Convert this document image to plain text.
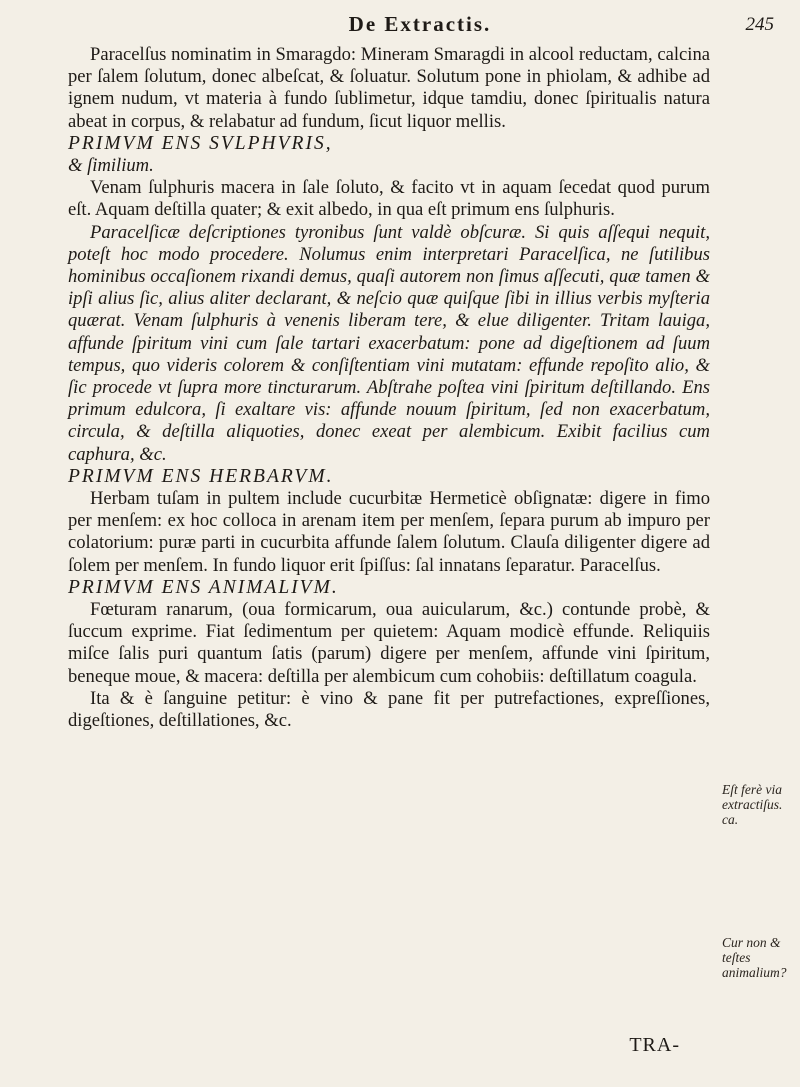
De Extractis.	245

Paracelſus nominatim in Smaragdo: Mineram Smaragdi in alcool reductam, calcina per ſalem ſolutum, donec albeſcat, & ſoluatur. Solutum pone in phiolam, & adhibe ad ignem nudum, vt materia à fundo ſublimetur, idque tamdiu, donec ſpiritualis natura abeat in corpus, & relabatur ad fundum, ſicut liquor mellis.

PRIMVM ENS SVLPHVRIS,

& ſimilium.

Venam ſulphuris macera in ſale ſoluto, & facito vt in aquam ſecedat quod purum eſt. Aquam deſtilla quater; & exit albedo, in qua eſt primum ens ſulphuris.

Paracelſicæ deſcriptiones tyronibus ſunt valdè obſcuræ. Si quis aſſequi nequit, poteſt hoc modo procedere. Nolumus enim interpretari Paracelſica, ne ſutilibus hominibus occaſionem rixandi demus, quaſi autorem non ſimus aſſecuti, quæ tamen & ipſi alius ſic, alius aliter declarant, & neſcio quæ quiſque ſibi in illius verbis myſteria quærat. Venam ſulphuris à venenis liberam tere, & elue diligenter. Tritam lauiga, affunde ſpiritum vini cum ſale tartari exacerbatum: pone ad digeſtionem ad ſuum tempus, quo videris colorem & conſiſtentiam vini mutatam: effunde repoſito alio, & ſic procede vt ſupra more tincturarum. Abſtrahe poſtea vini ſpiritum deſtillando. Ens primum edulcora, ſi exaltare vis: affunde nouum ſpiritum, ſed non exacerbatum, circula, & deſtilla aliquoties, donec exeat per alembicum. Exibit facilius cum caphura, &c.

PRIMVM ENS HERBARVM.

Herbam tuſam in pultem include cucurbitæ Hermeticè obſignatæ: digere in fimo per menſem: ex hoc colloca in arenam item per menſem, ſepara purum ab impuro per colatorium: puræ parti in cucurbita affunde ſalem ſolutum. Clauſa diligenter digere ad ſolem per menſem. In fundo liquor erit ſpiſſus: ſal innatans ſeparatur. Paracelſus.

PRIMVM ENS ANIMALIVM.

Fœturam ranarum, (oua formicarum, oua auicularum, &c.) contunde probè, & ſuccum exprime. Fiat ſedimentum per quietem: Aquam modicè effunde. Reliquiis miſce ſalis puri quantum ſatis (parum) digere per menſem, affunde vini ſpiritum, beneque moue, & macera: deſtilla per alembicum cum cohobiis: deſtillatum coagula.

Ita & è ſanguine petitur: è vino & pane fit per putrefactiones, expreſſiones, digeſtiones, deſtillationes, &c.

Eſt ferè via extractiſus. ca.
Cur non & teſtes animalium?
TRA-
